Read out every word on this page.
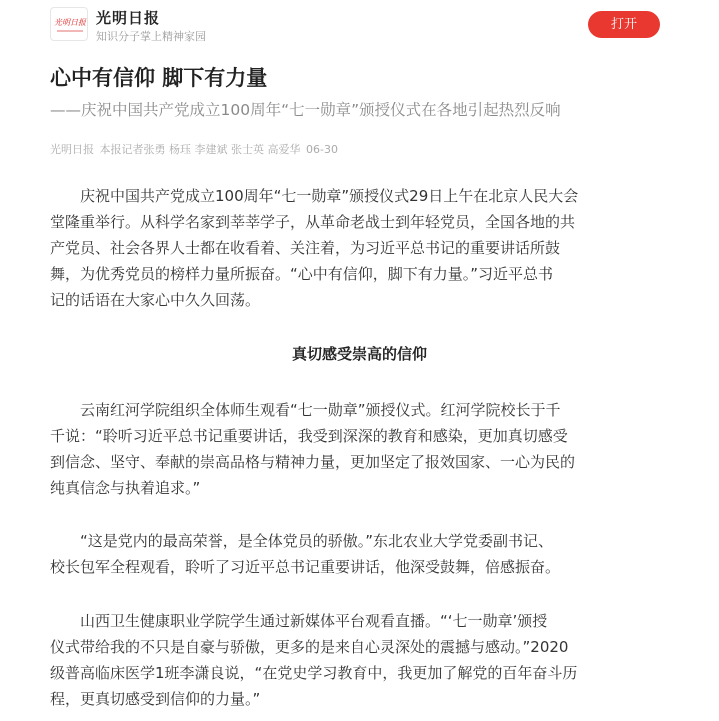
光明日报 光明日报
知识分子掌上精神家园
打开
心中有信仰 脚下有力量
——庆祝中国共产党成立100周年“七一勋章”颁授仪式在各地引起热烈反响
光明日报 本报记者张勇 杨珏 李建斌 张士英 高爱华 06-30
庆祝中国共产党成立100周年“七一勋章”颁授仪式29日上午在北京人民大会
堂隆重举行。从科学名家到莘莘学子，从革命老战士到年轻党员，全国各地的共
产党员、社会各界人士都在收看着、关注着，为习近平总书记的重要讲话所鼓
舞，为优秀党员的榜样力量所振奋。“心中有信仰，脚下有力量。”习近平总书
记的话语在大家心中久久回荡。
真切感受崇高的信仰
云南红河学院组织全体师生观看“七一勋章”颁授仪式。红河学院校长于千
千说：“聆听习近平总书记重要讲话，我受到深深的教育和感染，更加真切感受
到信念、坚守、奉献的崇高品格与精神力量，更加坚定了报效国家、一心为民的
纯真信念与执着追求。”
“这是党内的最高荣誉，是全体党员的骄傲。”东北农业大学党委副书记、
校长包军全程观看，聆听了习近平总书记重要讲话，他深受鼓舞，倍感振奋。
山西卫生健康职业学院学生通过新媒体平台观看直播。“‘七一勋章’颁授
仪式带给我的不只是自豪与骄傲，更多的是来自心灵深处的震撼与感动。”2020
级普高临床医学1班李潇良说，“在党史学习教育中，我更加了解党的百年奋斗历
程，更真切感受到信仰的力量。”
